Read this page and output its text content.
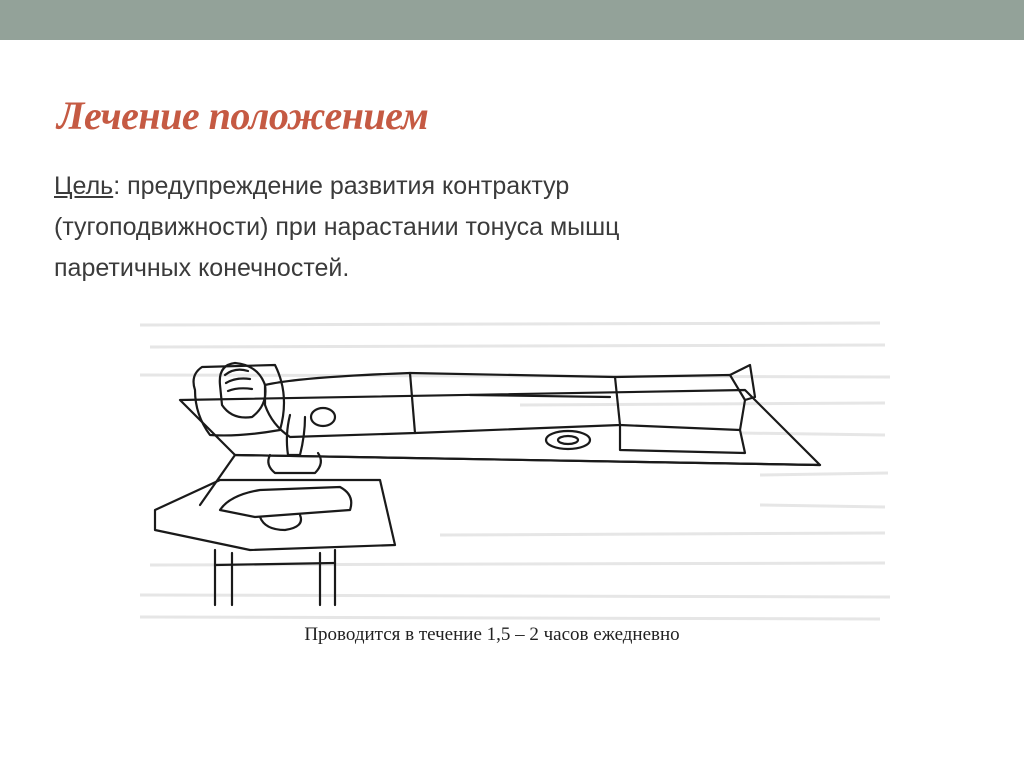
Лечение положением
Цель: предупреждение развития контрактур
(тугоподвижности) при нарастании тонуса мышц
паретичных конечностей.
Проводится в течение 1,5 – 2 часов ежедневно
